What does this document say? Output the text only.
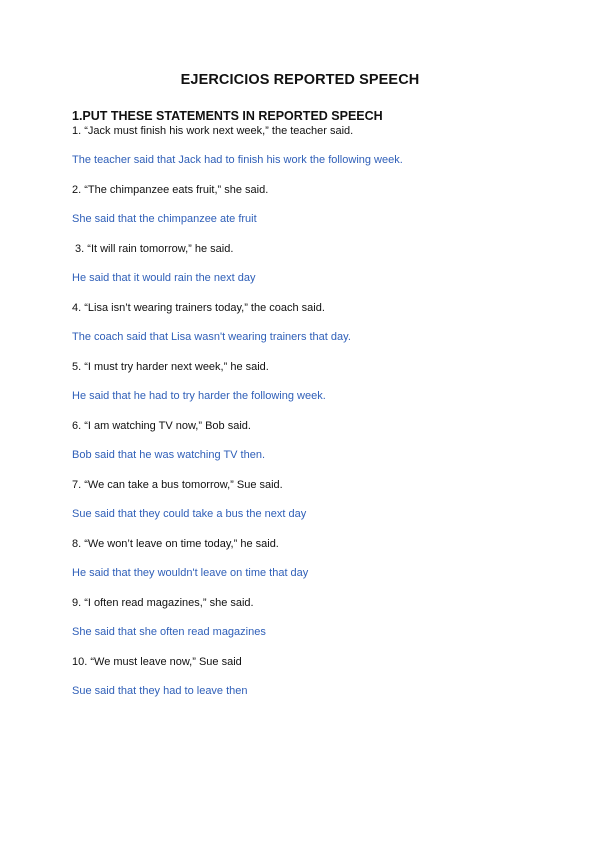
EJERCICIOS REPORTED SPEECH
1.PUT THESE STATEMENTS IN REPORTED SPEECH
1. “Jack must finish his work next week,” the teacher said.
The teacher said that Jack had to finish his work the following week.
2. “The chimpanzee eats fruit,” she said.
She said that the chimpanzee ate fruit
3. “It will rain tomorrow,” he said.
He said that it would rain the next day
4. “Lisa isn’t wearing trainers today,” the coach said.
The coach said that Lisa wasn't wearing trainers that day.
5. “I must try harder next week,” he said.
He said that he had to try harder the following week.
6. “I am watching TV now,” Bob said.
Bob said that he was watching TV then.
7. “We can take a bus tomorrow,” Sue said.
Sue said that they could take a bus the next day
8. “We won’t leave on time today,” he said.
He said that they wouldn't leave on time that day
9. “I often read magazines,” she said.
She said that she often read magazines
10. “We must leave now,” Sue said
Sue said that they had to leave then
